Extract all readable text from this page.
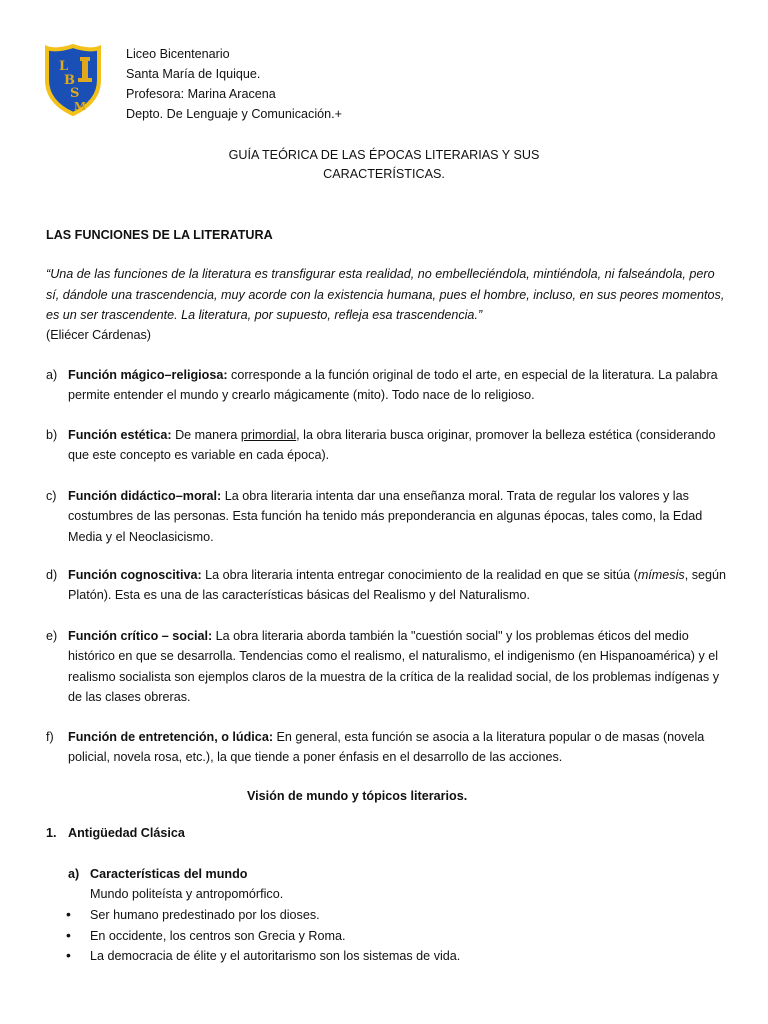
L
B
S
M
Liceo Bicentenario
Santa María de Iquique.
Profesora: Marina Aracena
Depto. De Lenguaje y Comunicación.+
GUÍA TEÓRICA DE LAS ÉPOCAS LITERARIAS Y SUS
CARACTERÍSTICAS.
LAS FUNCIONES DE LA LITERATURA
“Una de las funciones de la literatura es transfigurar esta realidad, no embelleciéndola, mintiéndola, ni falseándola, pero
sí, dándole una trascendencia, muy acorde con la existencia humana, pues el hombre, incluso, en sus peores momentos,
es un ser trascendente. La literatura, por supuesto, refleja esa trascendencia.”
(Eliécer Cárdenas)
a) Función mágico–religiosa: corresponde a la función original de todo el arte, en especial de la literatura. La palabra permite entender el mundo y crearlo mágicamente (mito). Todo nace de lo religioso.
b) Función estética: De manera primordial, la obra literaria busca originar, promover la belleza estética (considerando que este concepto es variable en cada época).
c) Función didáctico–moral: La obra literaria intenta dar una enseñanza moral. Trata de regular los valores y las costumbres de las personas. Esta función ha tenido más preponderancia en algunas épocas, tales como, la Edad Media y el Neoclasicismo.
d) Función cognoscitiva: La obra literaria intenta entregar conocimiento de la realidad en que se sitúa (mímesis, según Platón). Esta es una de las características básicas del Realismo y del Naturalismo.
e) Función crítico – social: La obra literaria aborda también la "cuestión social" y los problemas éticos del medio histórico en que se desarrolla. Tendencias como el realismo, el naturalismo, el indigenismo (en Hispanoamérica) y el realismo socialista son ejemplos claros de la muestra de la crítica de la realidad social, de los problemas indígenas y de las clases obreras.
f) Función de entretención, o lúdica: En general, esta función se asocia a la literatura popular o de masas (novela policial, novela rosa, etc.), la que tiende a poner énfasis en el desarrollo de las acciones.
Visión de mundo y tópicos literarios.
1. Antigüedad Clásica
a) Características del mundo
Mundo politeísta y antropomórfico.
• Ser humano predestinado por los dioses.
• En occidente, los centros son Grecia y Roma.
• La democracia de élite y el autoritarismo son los sistemas de vida.
